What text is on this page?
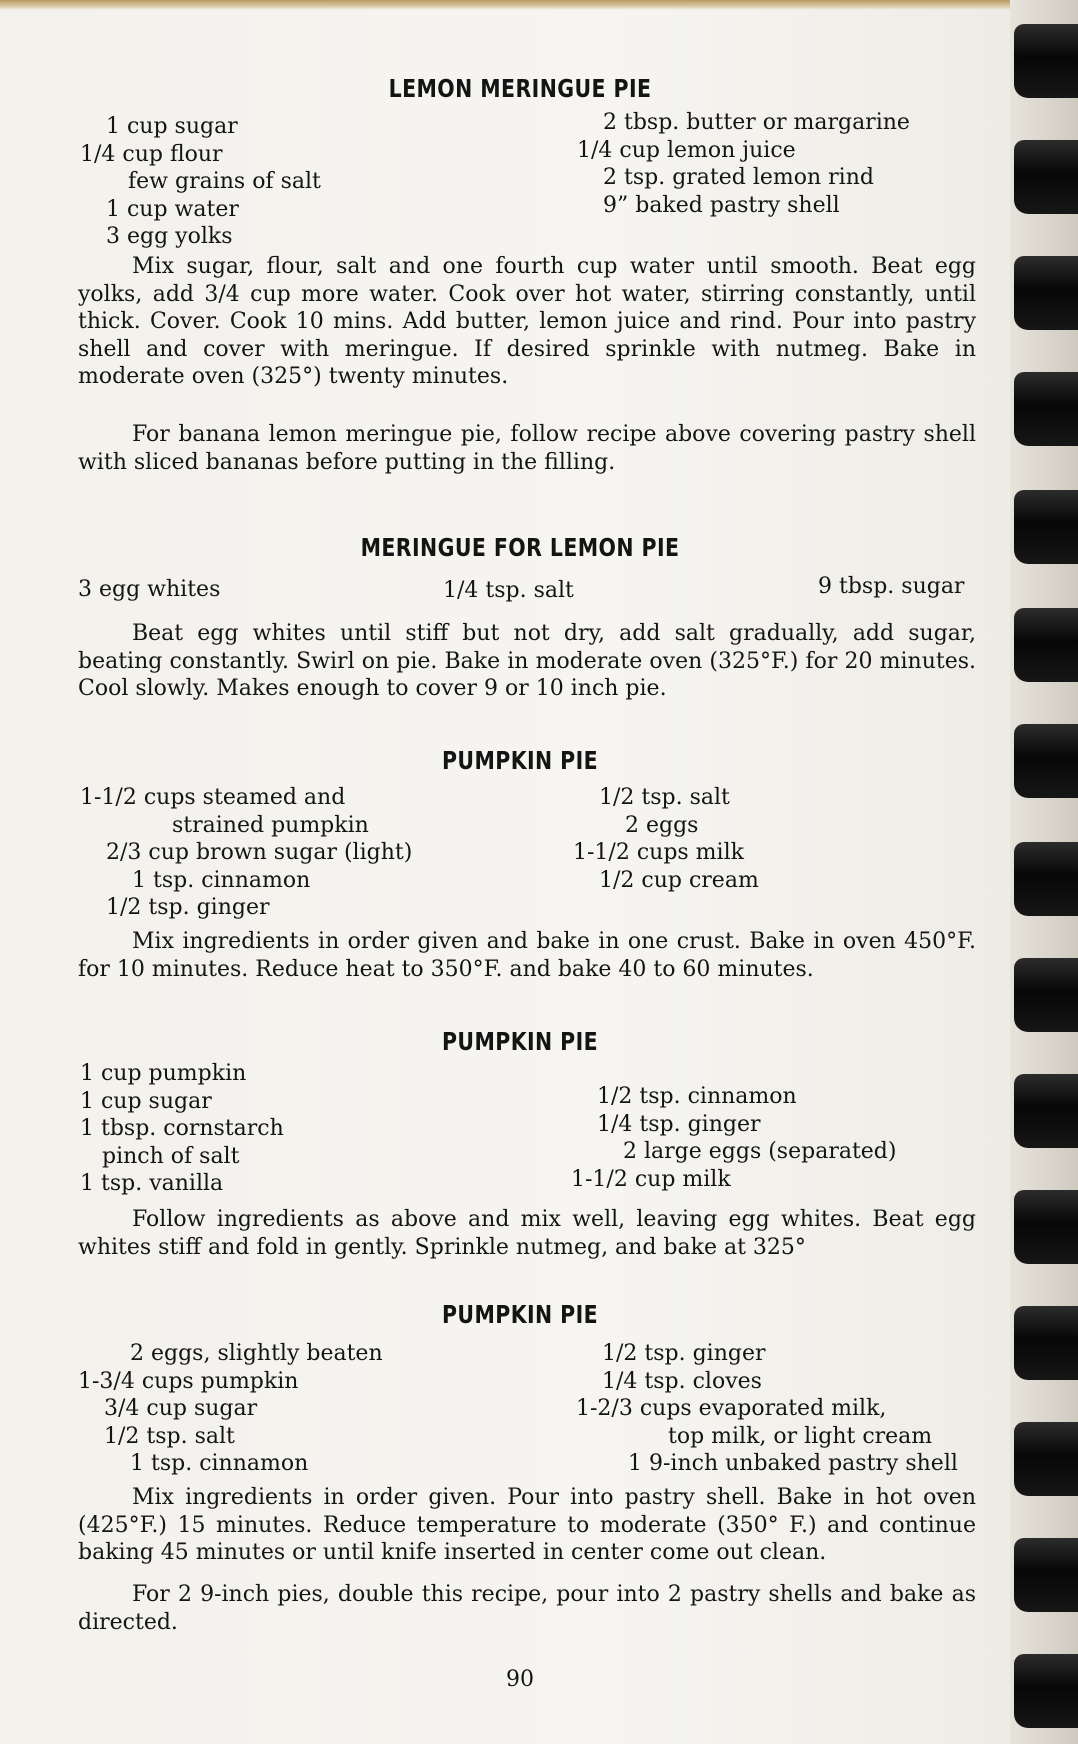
LEMON MERINGUE PIE
1 cup sugar
1/4 cup flour
few grains of salt
1 cup water
3 egg yolks
2 tbsp. butter or margarine
1/4 cup lemon juice
2 tsp. grated lemon rind
9” baked pastry shell
Mix sugar, flour, salt and one fourth cup water until smooth. Beat egg yolks, add 3/4 cup more water. Cook over hot water, stirring constantly, until thick. Cover. Cook 10 mins. Add butter, lemon juice and rind. Pour into pastry shell and cover with meringue. If desired sprinkle with nutmeg. Bake in moderate oven (325°) twenty minutes.
For banana lemon meringue pie, follow recipe above covering pastry shell with sliced bananas before putting in the filling.
MERINGUE FOR LEMON PIE
3 egg whites	1/4 tsp. salt	9 tbsp. sugar
Beat egg whites until stiff but not dry, add salt gradually, add sugar, beating constantly. Swirl on pie. Bake in moderate oven (325°F.) for 20 minutes. Cool slowly. Makes enough to cover 9 or 10 inch pie.
PUMPKIN PIE
1-1/2 cups steamed and
strained pumpkin
2/3 cup brown sugar (light)
1 tsp. cinnamon
1/2 tsp. ginger
1/2 tsp. salt
2 eggs
1-1/2 cups milk
1/2 cup cream
Mix ingredients in order given and bake in one crust. Bake in oven 450°F. for 10 minutes. Reduce heat to 350°F. and bake 40 to 60 minutes.
PUMPKIN PIE
1 cup pumpkin
1 cup sugar
1 tbsp. cornstarch
pinch of salt
1 tsp. vanilla
1/2 tsp. cinnamon
1/4 tsp. ginger
2 large eggs (separated)
1-1/2 cup milk
Follow ingredients as above and mix well, leaving egg whites. Beat egg whites stiff and fold in gently. Sprinkle nutmeg, and bake at 325°
PUMPKIN PIE
2 eggs, slightly beaten
1-3/4 cups pumpkin
3/4 cup sugar
1/2 tsp. salt
1 tsp. cinnamon
1/2 tsp. ginger
1/4 tsp. cloves
1-2/3 cups evaporated milk,
top milk, or light cream
1 9-inch unbaked pastry shell
Mix ingredients in order given. Pour into pastry shell. Bake in hot oven (425°F.) 15 minutes. Reduce temperature to moderate (350° F.) and continue baking 45 minutes or until knife inserted in center come out clean.
For 2 9-inch pies, double this recipe, pour into 2 pastry shells and bake as directed.
90
